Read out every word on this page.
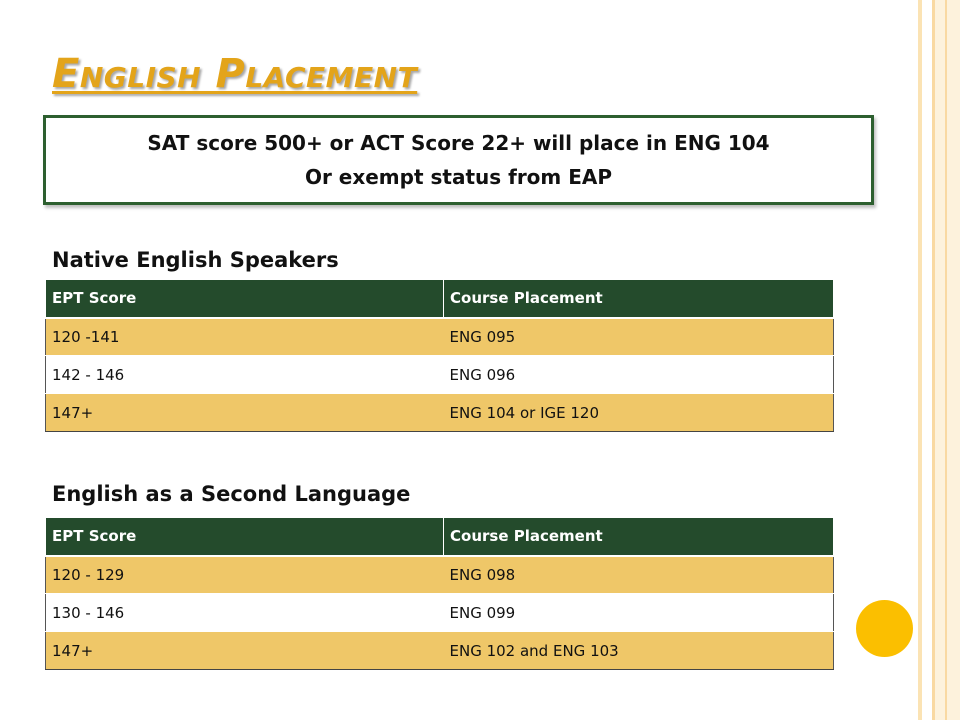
English Placement
SAT score 500+ or ACT Score 22+ will place in ENG 104
Or exempt status from EAP
Native English Speakers
EPT Score	Course Placement
120 -141	ENG 095
142 - 146	ENG 096
147+	ENG 104 or IGE 120
English as a Second Language
EPT Score	Course Placement
120 - 129	ENG 098
130 - 146	ENG 099
147+	ENG 102 and ENG 103
